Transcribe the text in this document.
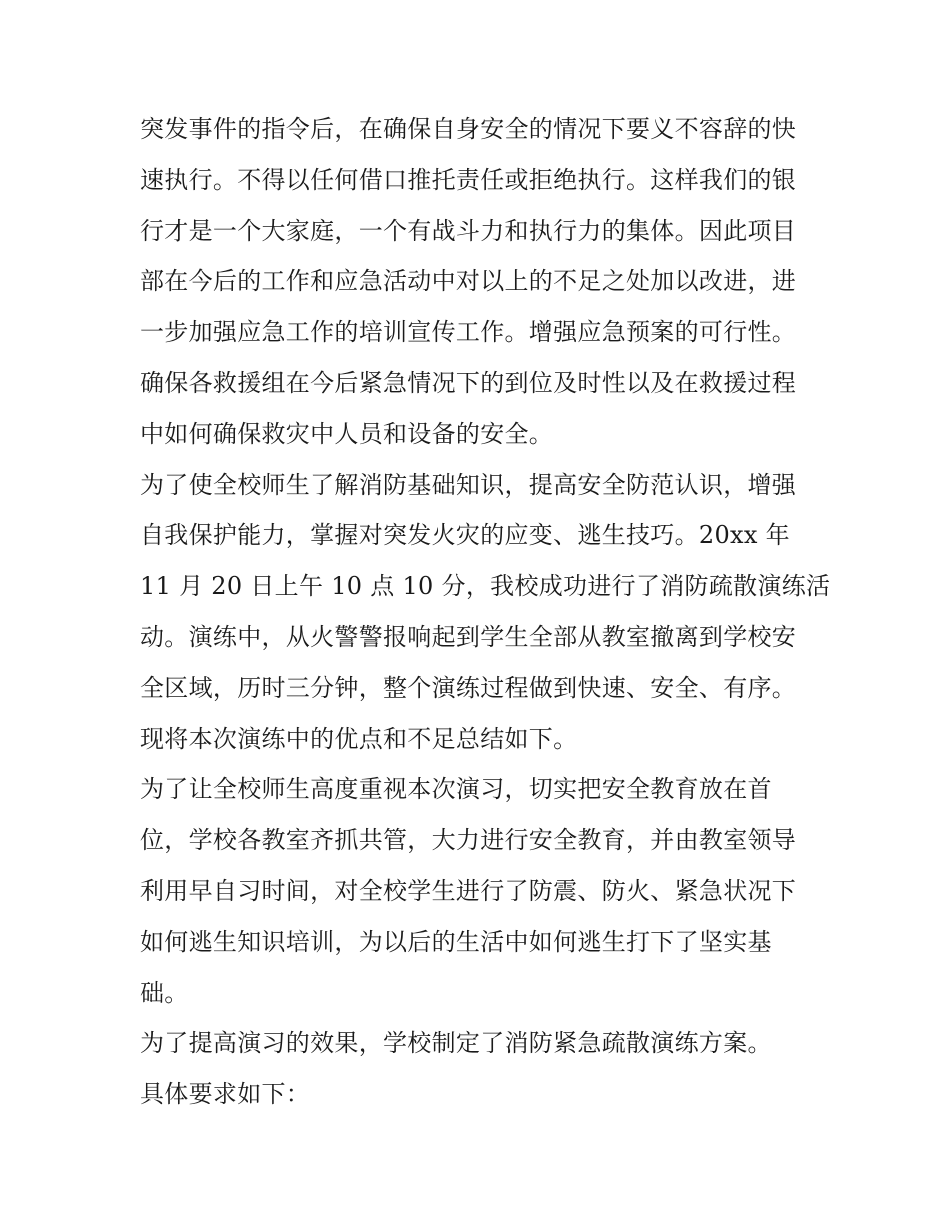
突发事件的指令后，在确保自身安全的情况下要义不容辞的快
速执行。不得以任何借口推托责任或拒绝执行。这样我们的银
行才是一个大家庭，一个有战斗力和执行力的集体。因此项目
部在今后的工作和应急活动中对以上的不足之处加以改进，进
一步加强应急工作的培训宣传工作。增强应急预案的可行性。
确保各救援组在今后紧急情况下的到位及时性以及在救援过程
中如何确保救灾中人员和设备的安全。
为了使全校师生了解消防基础知识，提高安全防范认识，增强
自我保护能力，掌握对突发火灾的应变、逃生技巧。20xx 年
11 月 20 日上午 10 点 10 分，我校成功进行了消防疏散演练活
动。演练中，从火警警报响起到学生全部从教室撤离到学校安
全区域，历时三分钟，整个演练过程做到快速、安全、有序。
现将本次演练中的优点和不足总结如下。
为了让全校师生高度重视本次演习，切实把安全教育放在首
位，学校各教室齐抓共管，大力进行安全教育，并由教室领导
利用早自习时间，对全校学生进行了防震、防火、紧急状况下
如何逃生知识培训，为以后的生活中如何逃生打下了坚实基
础。
为了提高演习的效果，学校制定了消防紧急疏散演练方案。
具体要求如下：
